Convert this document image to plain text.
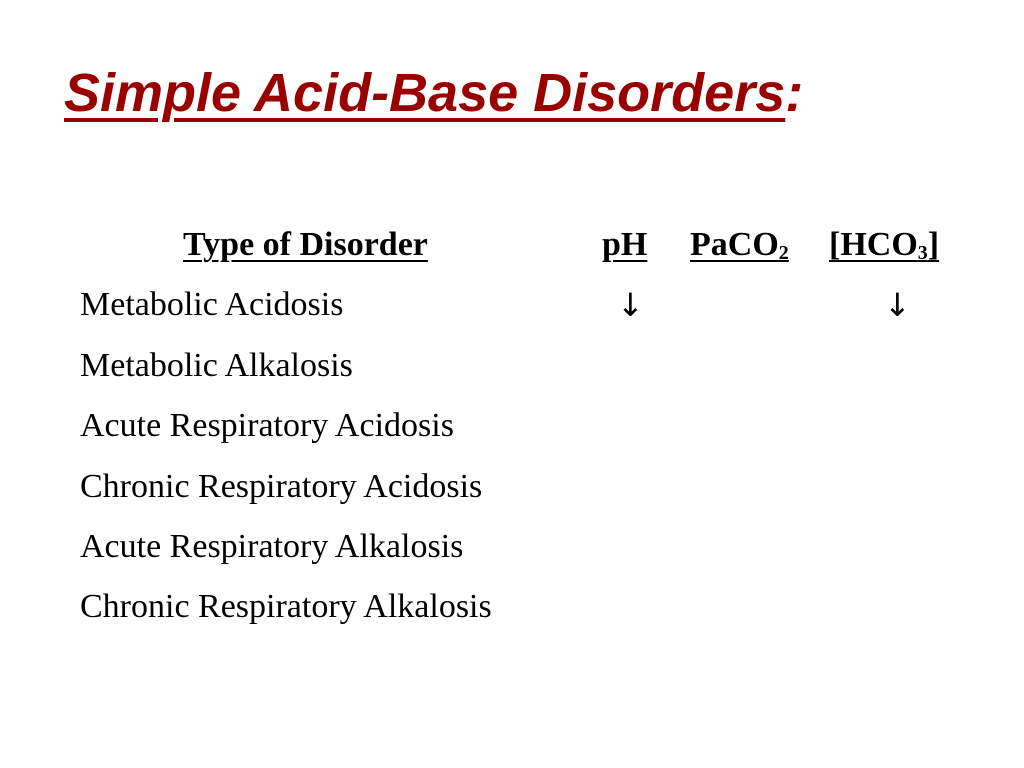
Simple Acid-Base Disorders:
Type of Disorder	pH PaCO$_2$ $[HCO_3]$
Metabolic Acidosis
Metabolic Alkalosis
Acute Respiratory Acidosis
Chronic Respiratory Acidosis
Acute Respiratory Alkalosis
Chronic Respiratory Alkalosis
↓	↓
